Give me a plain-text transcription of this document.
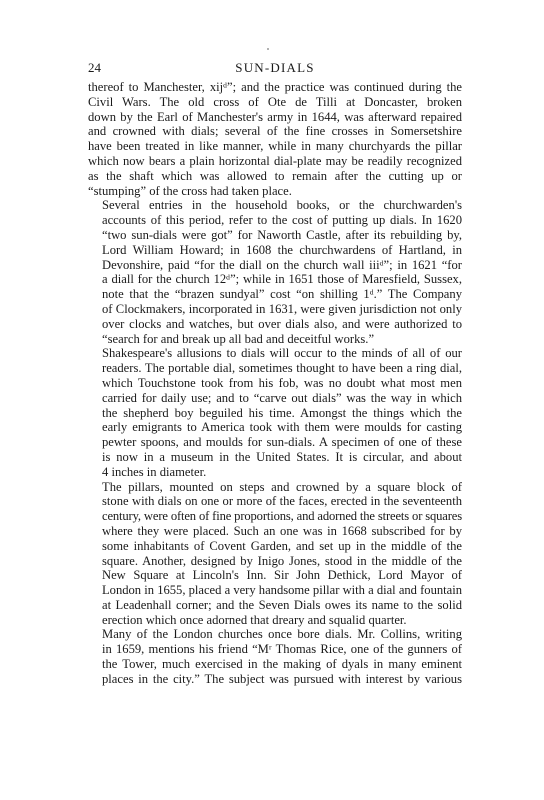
24	SUN-DIALS

thereof to Manchester, xijᵈ”; and the practice was continued during the
Civil Wars. The old cross of Ote de Tilli at Doncaster, broken
down by the Earl of Manchester's army in 1644, was afterward repaired
and crowned with dials; several of the fine crosses in Somersetshire
have been treated in like manner, while in many churchyards the pillar
which now bears a plain horizontal dial-plate may be readily recognized
as the shaft which was allowed to remain after the cutting up or
“stumping” of the cross had taken place.

Several entries in the household books, or the churchwarden's
accounts of this period, refer to the cost of putting up dials. In 1620
“two sun-dials were got” for Naworth Castle, after its rebuilding by,
Lord William Howard; in 1608 the churchwardens of Hartland, in
Devonshire, paid “for the diall on the church wall iiiᵈ”; in 1621 “for
a diall for the church 12ᵈ”; while in 1651 those of Maresfield, Sussex,
note that the “brazen sundyal” cost “on shilling 1ᵈ.” The Company
of Clockmakers, incorporated in 1631, were given jurisdiction not only
over clocks and watches, but over dials also, and were authorized to
“search for and break up all bad and deceitful works.”

Shakespeare's allusions to dials will occur to the minds of all of our
readers. The portable dial, sometimes thought to have been a ring dial,
which Touchstone took from his fob, was no doubt what most men
carried for daily use; and to “carve out dials” was the way in which
the shepherd boy beguiled his time. Amongst the things which the
early emigrants to America took with them were moulds for casting
pewter spoons, and moulds for sun-dials. A specimen of one of these
is now in a museum in the United States. It is circular, and about
4 inches in diameter.

The pillars, mounted on steps and crowned by a square block of
stone with dials on one or more of the faces, erected in the seventeenth
century, were often of fine proportions, and adorned the streets or squares
where they were placed. Such an one was in 1668 subscribed for by
some inhabitants of Covent Garden, and set up in the middle of the
square. Another, designed by Inigo Jones, stood in the middle of the
New Square at Lincoln's Inn. Sir John Dethick, Lord Mayor of
London in 1655, placed a very handsome pillar with a dial and fountain
at Leadenhall corner; and the Seven Dials owes its name to the solid
erection which once adorned that dreary and squalid quarter.

Many of the London churches once bore dials. Mr. Collins, writing
in 1659, mentions his friend “Mʳ Thomas Rice, one of the gunners of
the Tower, much exercised in the making of dyals in many eminent
places in the city.” The subject was pursued with interest by various
